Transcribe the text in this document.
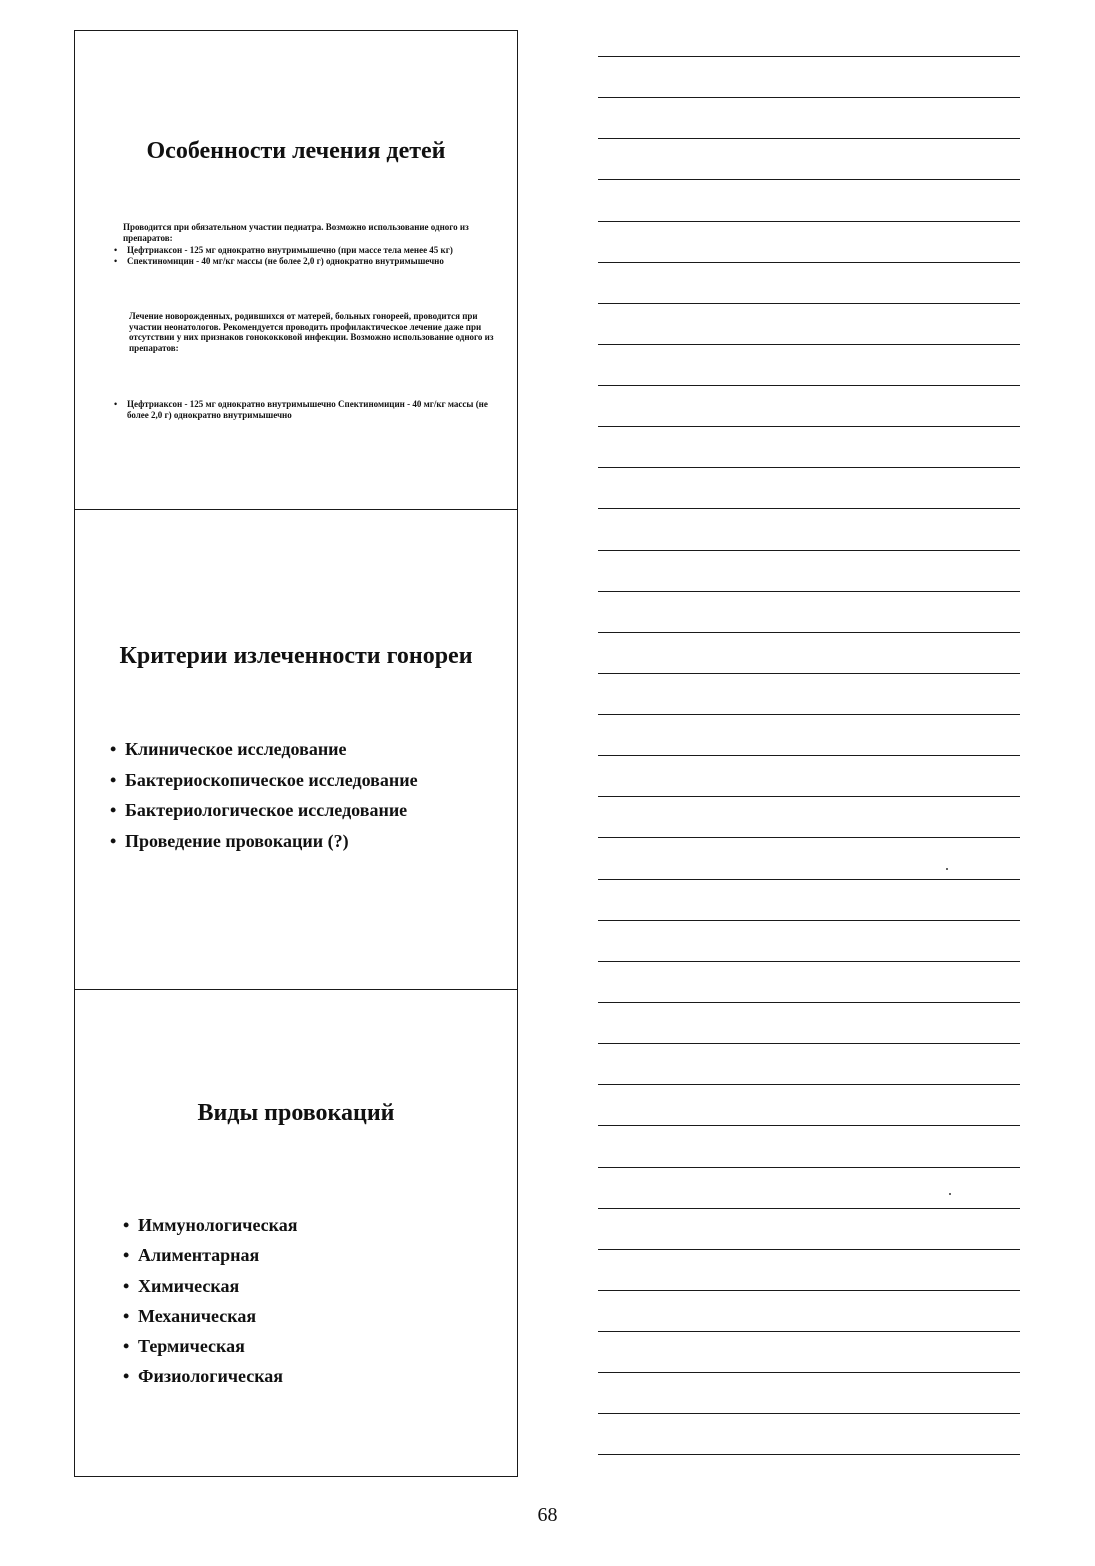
Особенности лечения детей

Проводится при обязательном участии педиатра. Возможно использование одного из препаратов:

• Цефтриаксон - 125 мг однократно внутримышечно (при массе тела менее 45 кг)
• Спектиномицин - 40 мг/кг массы (не более 2,0 г) однократно внутримышечно

Лечение новорожденных, родившихся от матерей, больных гонореей, проводится при участии неонатологов. Рекомендуется проводить профилактическое лечение даже при отсутствии у них признаков гонококковой инфекции. Возможно использование одного из препаратов:

• Цефтриаксон - 125 мг однократно внутримышечно Спектиномицин - 40 мг/кг массы (не более 2,0 г) однократно внутримышечно
Критерии излеченности гонореи
• Клиническое исследование
• Бактериоскопическое исследование
• Бактериологическое исследование
• Проведение провокации (?)
Виды провокаций
• Иммунологическая
• Алиментарная
• Химическая
• Механическая
• Термическая
• Физиологическая
68
